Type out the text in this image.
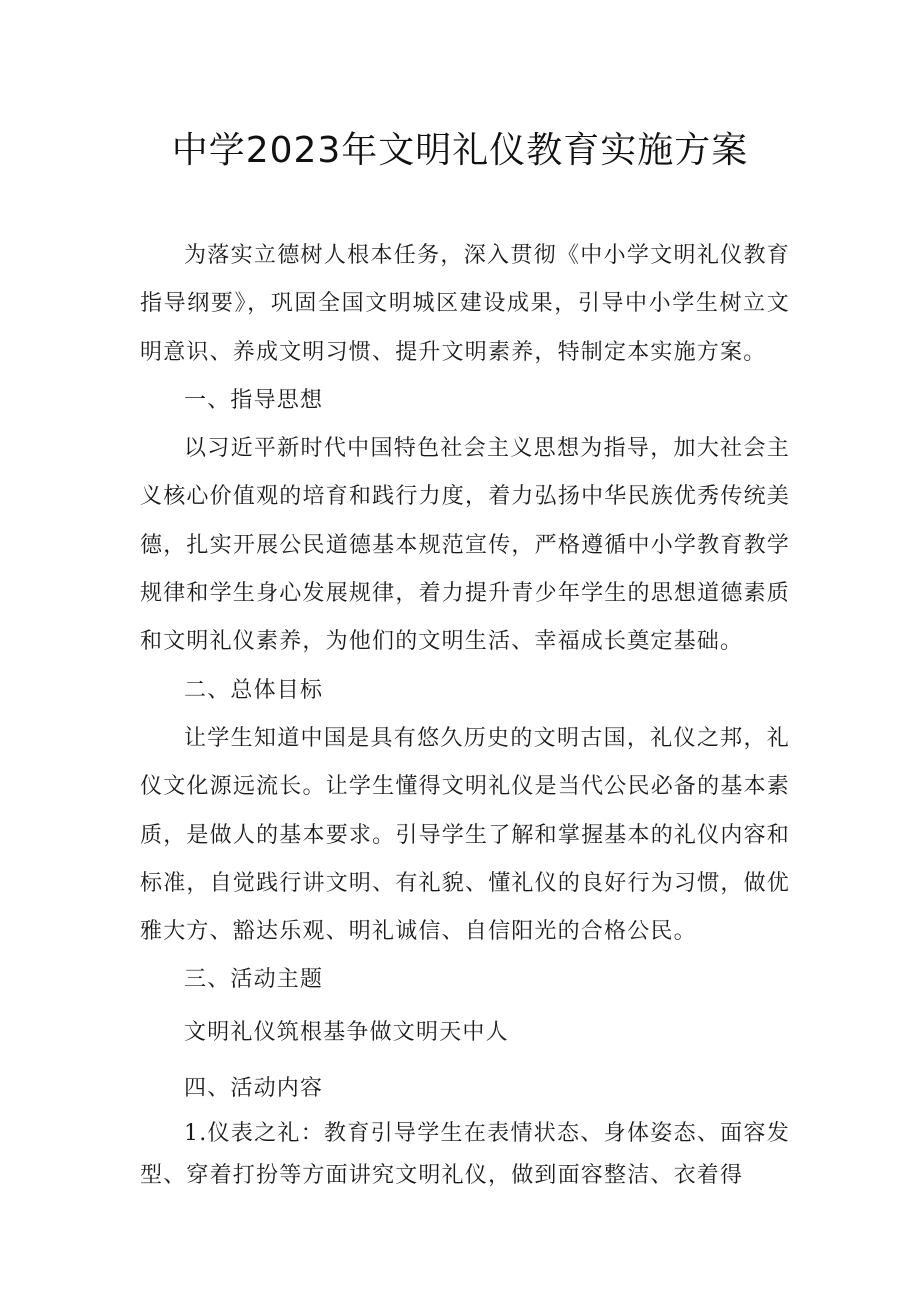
中学2023年文明礼仪教育实施方案

为落实立德树人根本任务，深入贯彻《中小学文明礼仪教育指导纲要》，巩固全国文明城区建设成果，引导中小学生树立文明意识、养成文明习惯、提升文明素养，特制定本实施方案。

一、指导思想

以习近平新时代中国特色社会主义思想为指导，加大社会主义核心价值观的培育和践行力度，着力弘扬中华民族优秀传统美德，扎实开展公民道德基本规范宣传，严格遵循中小学教育教学规律和学生身心发展规律，着力提升青少年学生的思想道德素质和文明礼仪素养，为他们的文明生活、幸福成长奠定基础。

二、总体目标

让学生知道中国是具有悠久历史的文明古国，礼仪之邦，礼仪文化源远流长。让学生懂得文明礼仪是当代公民必备的基本素质，是做人的基本要求。引导学生了解和掌握基本的礼仪内容和标准，自觉践行讲文明、有礼貌、懂礼仪的良好行为习惯，做优雅大方、豁达乐观、明礼诚信、自信阳光的合格公民。

三、活动主题

文明礼仪筑根基争做文明天中人

四、活动内容

1.仪表之礼：教育引导学生在表情状态、身体姿态、面容发型、穿着打扮等方面讲究文明礼仪，做到面容整洁、衣着得
